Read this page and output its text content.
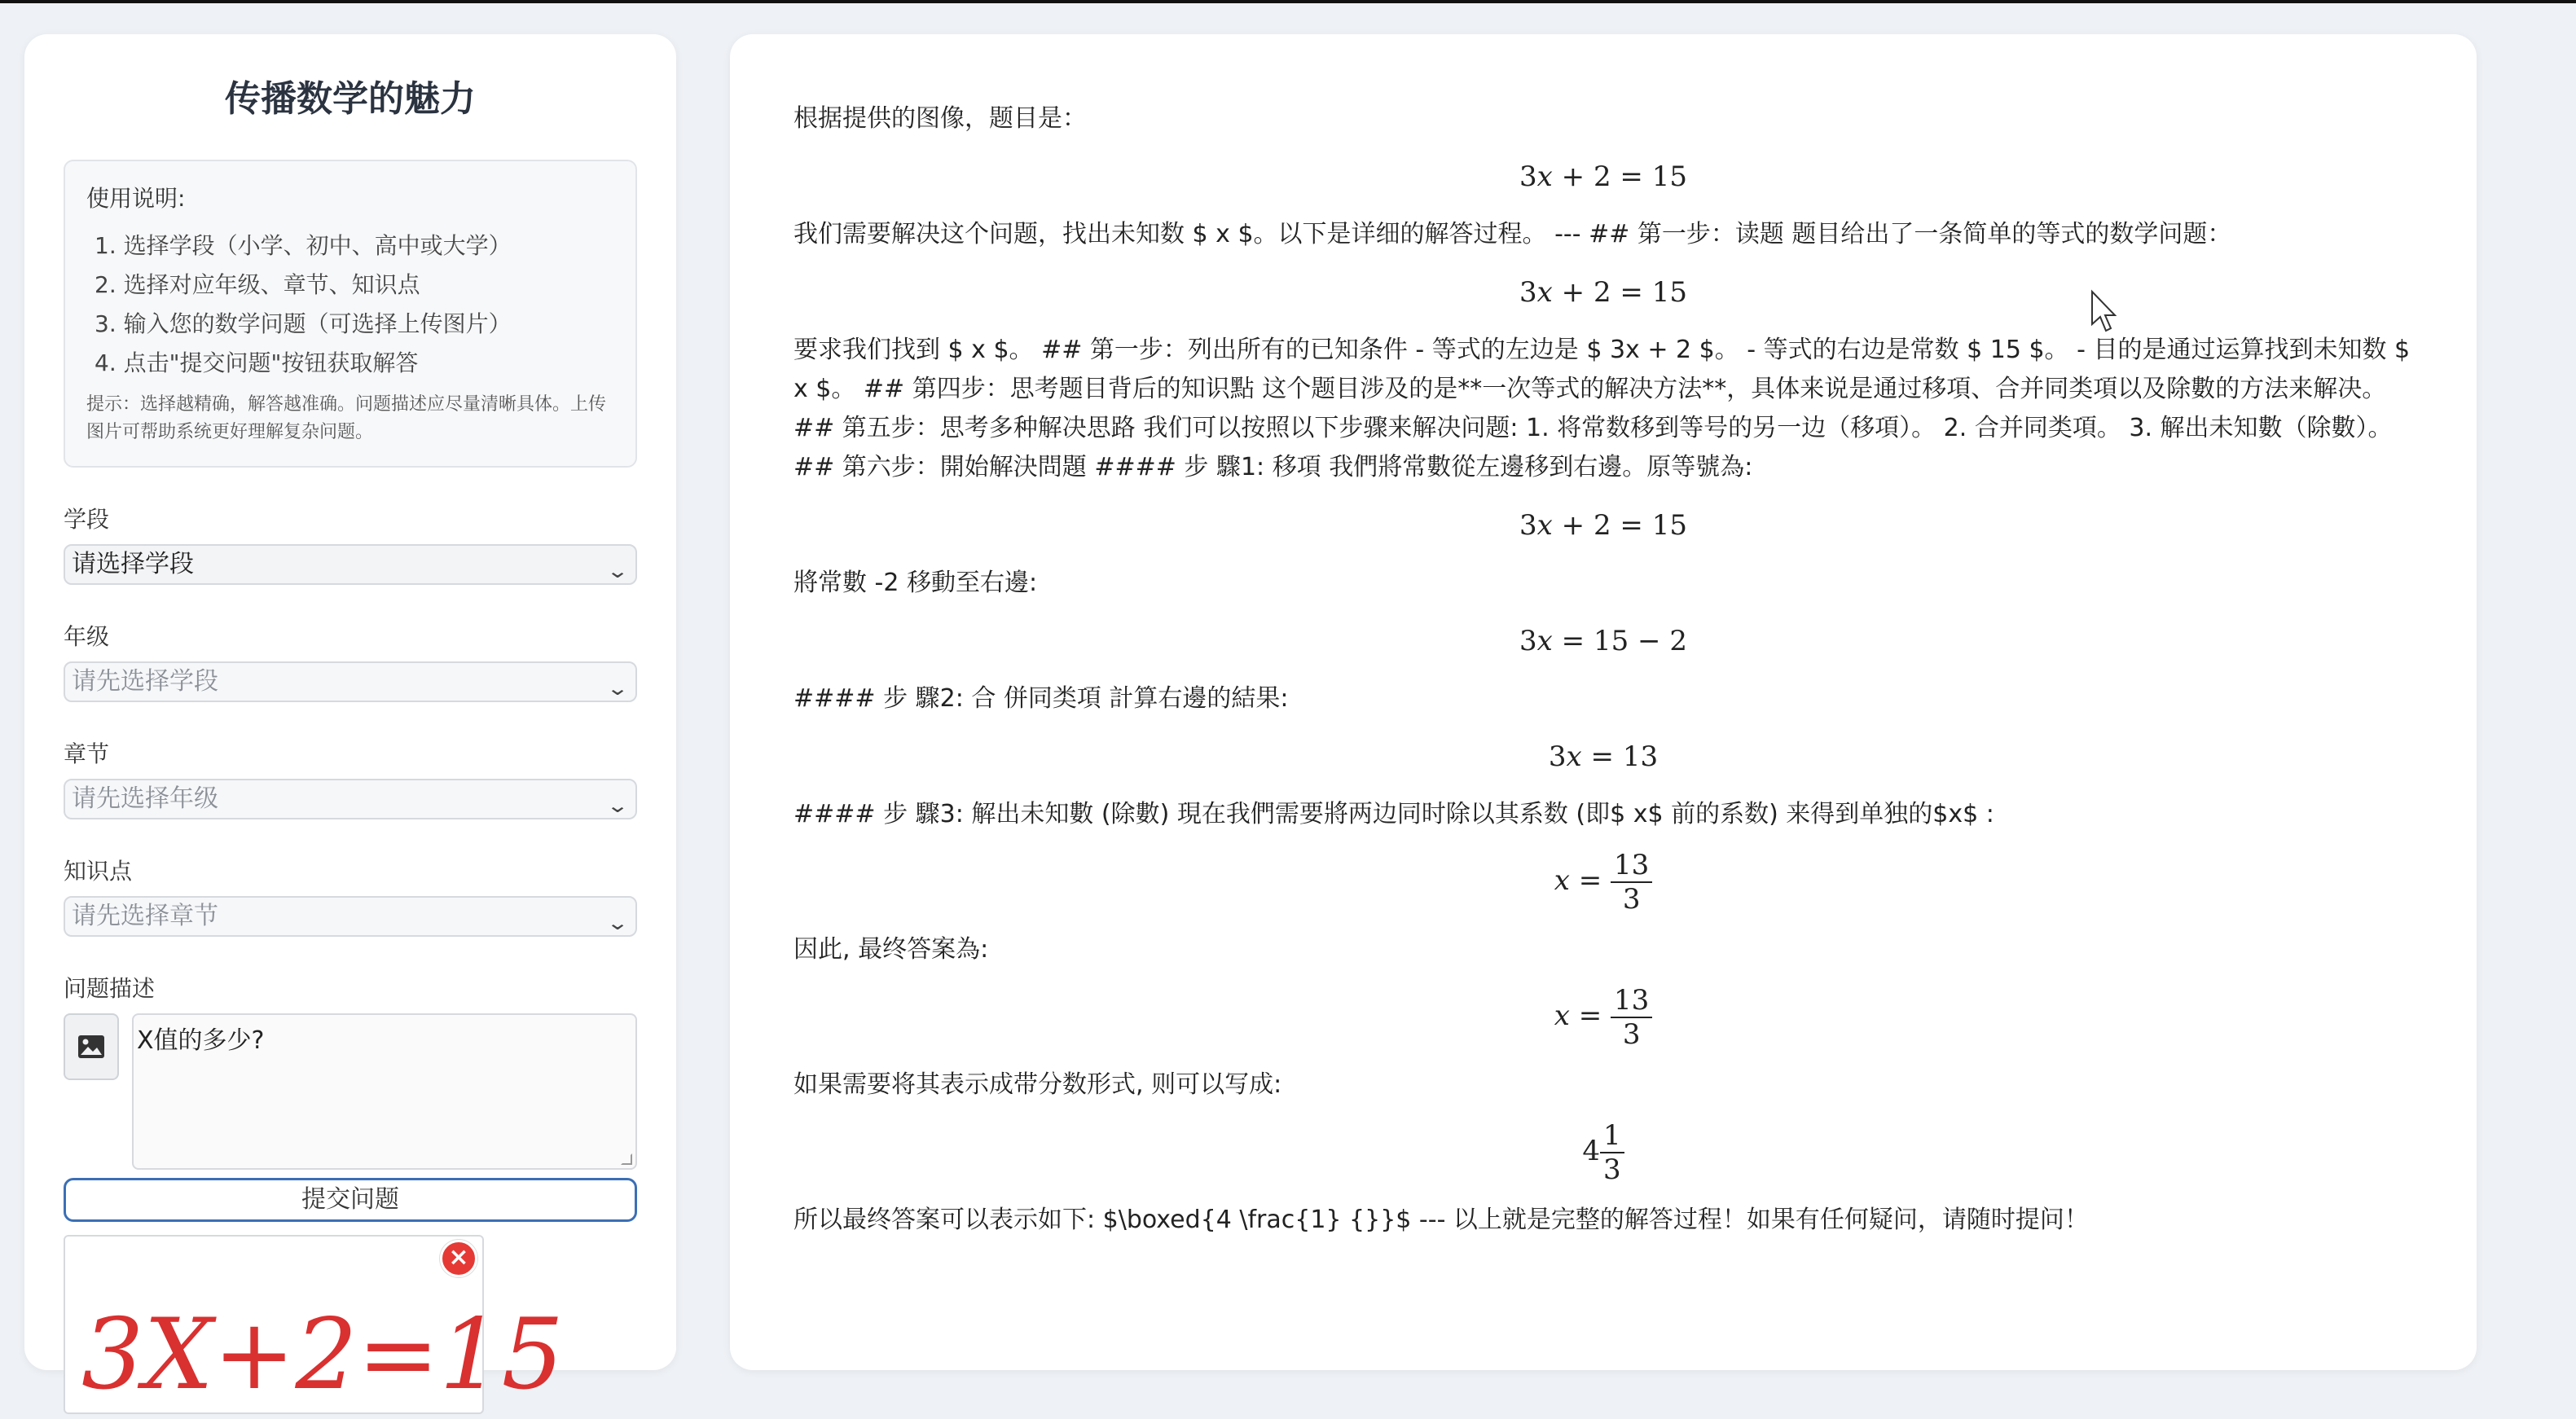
传播数学的魅力
使用说明:
1. 选择学段（小学、初中、高中或大学）
2. 选择对应年级、章节、知识点
3. 输入您的数学问题（可选择上传图片）
4. 点击"提交问题"按钮获取解答
提示：选择越精确，解答越准确。问题描述应尽量清晰具体。上传图片可帮助系统更好理解复杂问题。
学段
请选择学段	⌄
年级
请先选择学段	⌄
章节
请先选择年级	⌄
知识点
请先选择章节	⌄
问题描述
X值的多少?
提交问题
3X+2=15
×
根据提供的图像，题目是：
3x + 2 = 15
我们需要解决这个问题，找出未知数 $ x $。以下是详细的解答过程。 --- ## 第一步：读题 题目给出了一条简单的等式的数学问题：
3x + 2 = 15
要求我们找到 $ x $。 ## 第一步：列出所有的已知条件 - 等式的左边是 $ 3x + 2 $。 - 等式的右边是常数 $ 15 $。 - 目的是通过运算找到未知数 $ x $。 ## 第四步：思考题目背后的知识點 这个题目涉及的是**一次等式的解决方法**，具体来说是通过移項、合并同类項以及除數的方法来解决。 ## 第五步：思考多种解决思路 我们可以按照以下步骤来解决问题: 1. 将常数移到等号的另一边（移項）。 2. 合并同类項。 3. 解出未知數（除數）。 ## 第六步：開始解決問題 #### 步 驟1: 移項 我們將常數從左邊移到右邊。原等號為:
3x + 2 = 15
將常數 -2 移動至右邊:
3x = 15 − 2
#### 步 驟2: 合 併同类項 計算右邊的結果:
3x = 13
#### 步 驟3: 解出未知數 (除數) 現在我們需要將两边同时除以其系数 (即$ x$ 前的系数) 来得到单独的$x$ :
$x = \frac{13}{3}$
因此, 最终答案為:
$x = \frac{13}{3}$
如果需要将其表示成带分数形式, 则可以写成:
$4 \frac{1}{3}$
所以最终答案可以表示如下: $\boxed{4 \frac{1} {}}$ --- 以上就是完整的解答过程！如果有任何疑问，请随时提问！
